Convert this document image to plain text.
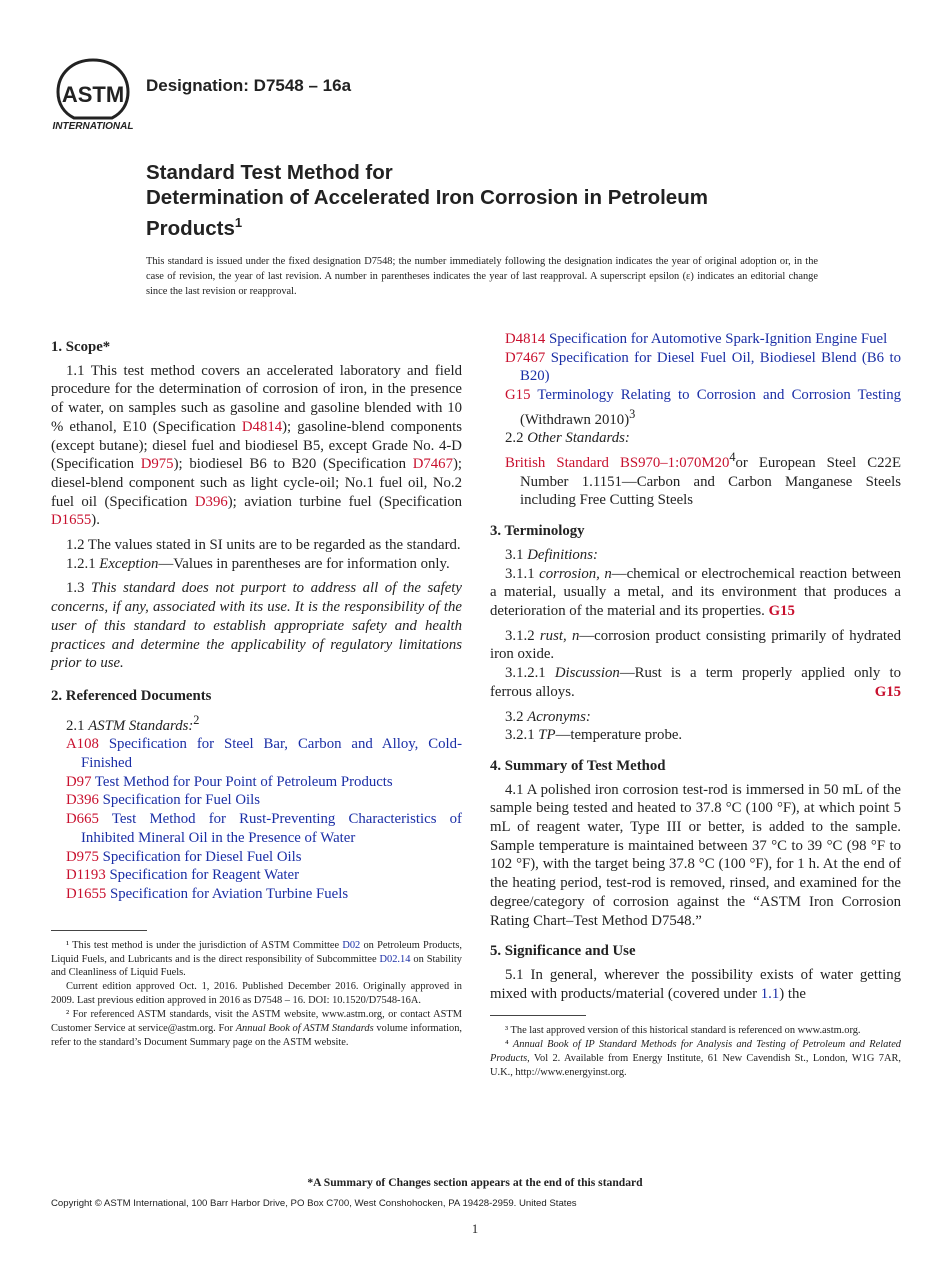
ASTM
INTERNATIONAL
Designation: D7548 – 16a
Standard Test Method for
Determination of Accelerated Iron Corrosion in Petroleum
Products$^1$
This standard is issued under the fixed designation D7548; the number immediately following the designation indicates the year of original adoption or, in the case of revision, the year of last revision. A number in parentheses indicates the year of last reapproval. A superscript epsilon (ε) indicates an editorial change since the last revision or reapproval.
1. Scope*

1.1 This test method covers an accelerated laboratory and field procedure for the determination of corrosion of iron, in the presence of water, on samples such as gasoline and gasoline blended with 10 % ethanol, E10 (Specification D4814); gasoline-blend components (except butane); diesel fuel and biodiesel B5, except Grade No. 4-D (Specification D975); biodiesel B6 to B20 (Specification D7467); diesel-blend component such as light cycle-oil; No.1 fuel oil, No.2 fuel oil (Specification D396); aviation turbine fuel (Specification D1655).

1.2 The values stated in SI units are to be regarded as the standard.

1.2.1 Exception—Values in parentheses are for information only.

1.3 This standard does not purport to address all of the safety concerns, if any, associated with its use. It is the responsibility of the user of this standard to establish appropriate safety and health practices and determine the applicability of regulatory limitations prior to use.

2. Referenced Documents

2.1 ASTM Standards:$^2$

A108 Specification for Steel Bar, Carbon and Alloy, Cold-Finished

D97 Test Method for Pour Point of Petroleum Products

D396 Specification for Fuel Oils

D665 Test Method for Rust-Preventing Characteristics of Inhibited Mineral Oil in the Presence of Water

D975 Specification for Diesel Fuel Oils

D1193 Specification for Reagent Water

D1655 Specification for Aviation Turbine Fuels

¹ This test method is under the jurisdiction of ASTM Committee D02 on Petroleum Products, Liquid Fuels, and Lubricants and is the direct responsibility of Subcommittee D02.14 on Stability and Cleanliness of Liquid Fuels.

Current edition approved Oct. 1, 2016. Published December 2016. Originally approved in 2009. Last previous edition approved in 2016 as D7548 – 16. DOI: 10.1520/D7548-16A.

² For referenced ASTM standards, visit the ASTM website, www.astm.org, or contact ASTM Customer Service at service@astm.org. For Annual Book of ASTM Standards volume information, refer to the standard’s Document Summary page on the ASTM website.

D4814 Specification for Automotive Spark-Ignition Engine Fuel

D7467 Specification for Diesel Fuel Oil, Biodiesel Blend (B6 to B20)

G15 Terminology Relating to Corrosion and Corrosion Testing (Withdrawn 2010)$^3$

2.2 Other Standards:

British Standard $BS970-1:070M20^4or$ European Steel C22E Number 1.1151—Carbon and Carbon Manganese Steels including Free Cutting Steels

3. Terminology

3.1 Definitions:

3.1.1 corrosion, n—chemical or electrochemical reaction between a material, usually a metal, and its environment that produces a deterioration of the material and its properties. G15

3.1.2 rust, n—corrosion product consisting primarily of hydrated iron oxide.

3.1.2.1 Discussion—Rust is a term properly applied only to ferrous alloys.	G15

3.2 Acronyms:

3.2.1 TP—temperature probe.

4. Summary of Test Method

4.1 A polished iron corrosion test-rod is immersed in 50 mL of the sample being tested and heated to 37.8 °C (100 °F), at which point 5 mL of reagent water, Type III or better, is added to the sample. Sample temperature is maintained between 37 °C to 39 °C (98 °F to 102 °F), with the target being 37.8 °C (100 °F), for 1 h. At the end of the heating period, test-rod is removed, rinsed, and examined for the degree/category of corrosion against the “ASTM Iron Corrosion Rating Chart–Test Method D7548.”

5. Significance and Use

5.1 In general, wherever the possibility exists of water getting mixed with products/material (covered under 1.1) the

³ The last approved version of this historical standard is referenced on www.astm.org.

⁴ Annual Book of IP Standard Methods for Analysis and Testing of Petroleum and Related Products, Vol 2. Available from Energy Institute, 61 New Cavendish St., London, W1G 7AR, U.K., http://www.energyinst.org.

*A Summary of Changes section appears at the end of this standard
Copyright © ASTM International, 100 Barr Harbor Drive, PO Box C700, West Conshohocken, PA 19428-2959. United States
1
